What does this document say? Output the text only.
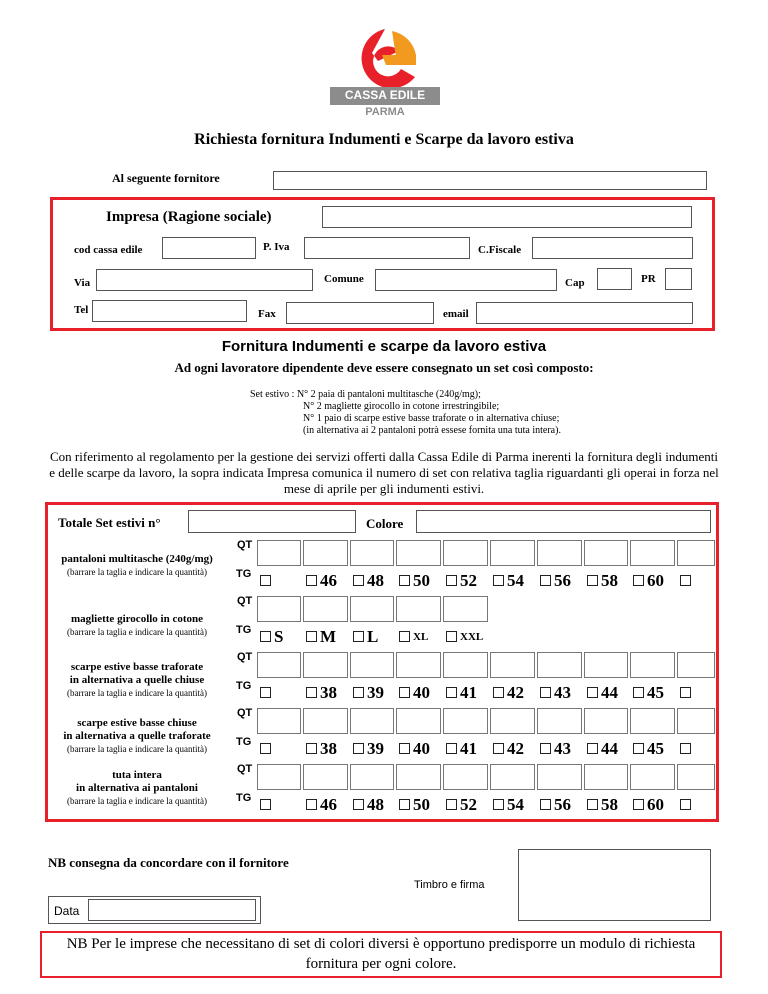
CASSA EDILE
PARMA
Richiesta fornitura Indumenti e Scarpe da lavoro estiva
Al seguente fornitore
Impresa (Ragione sociale)
cod cassa edile	P. Iva	C.Fiscale
Via	Comune	Cap	PR
Tel	Fax	email
Fornitura Indumenti e scarpe da lavoro estiva
Ad ogni lavoratore dipendente deve essere consegnato un set così composto:
Set estivo : N° 2 paia di pantaloni multitasche (240g/mg);
N° 2 magliette girocollo in cotone irrestringibile;
N° 1 paio di scarpe estive basse traforate o in alternativa chiuse;
(in alternativa ai 2 pantaloni potrà essese fornita una tuta intera).
Con riferimento al regolamento per la gestione dei servizi offerti dalla Cassa Edile di Parma inerenti la fornitura degli indumenti e delle scarpe da lavoro, la sopra indicata Impresa comunica il numero di set con relativa taglia riguardanti gli operai in forza nel mese di aprile per gli indumenti estivi.
Totale Set estivi n°	Colore
pantaloni multitasche (240g/mg)
(barrare la taglia e indicare la quantità)
QT
TG	46 48 50 52 54 56 58 60
magliette girocollo in cotone
(barrare la taglia e indicare la quantità)
QT
TG S M L	XL	XXL
scarpe estive basse traforate
in alternativa a quelle chiuse
(barrare la taglia e indicare la quantità)
QT
TG	38 39 40 41 42 43 44 45
scarpe estive basse chiuse
in alternativa a quelle traforate
(barrare la taglia e indicare la quantità)
QT
TG	38 39 40 41 42 43 44 45
tuta intera
in alternativa ai pantaloni
(barrare la taglia e indicare la quantità)
QT
TG	46 48 50 52 54 56 58 60
NB consegna da concordare con il fornitore
Timbro e firma
Data
NB Per le imprese che necessitano di set di colori diversi è opportuno predisporre un modulo di richiesta fornitura per ogni colore.
